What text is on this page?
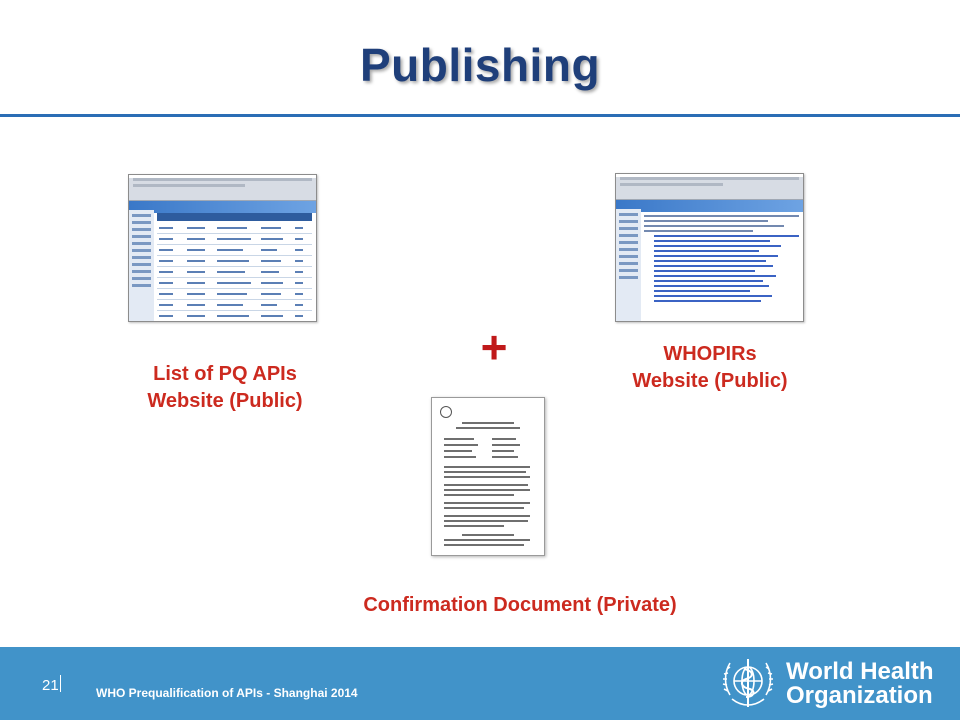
Publishing
+
List of PQ APIs
Website (Public)
WHOPIRs
Website (Public)
Confirmation Document (Private)
21	WHO Prequalification of APIs - Shanghai 2014
World Health
Organization
